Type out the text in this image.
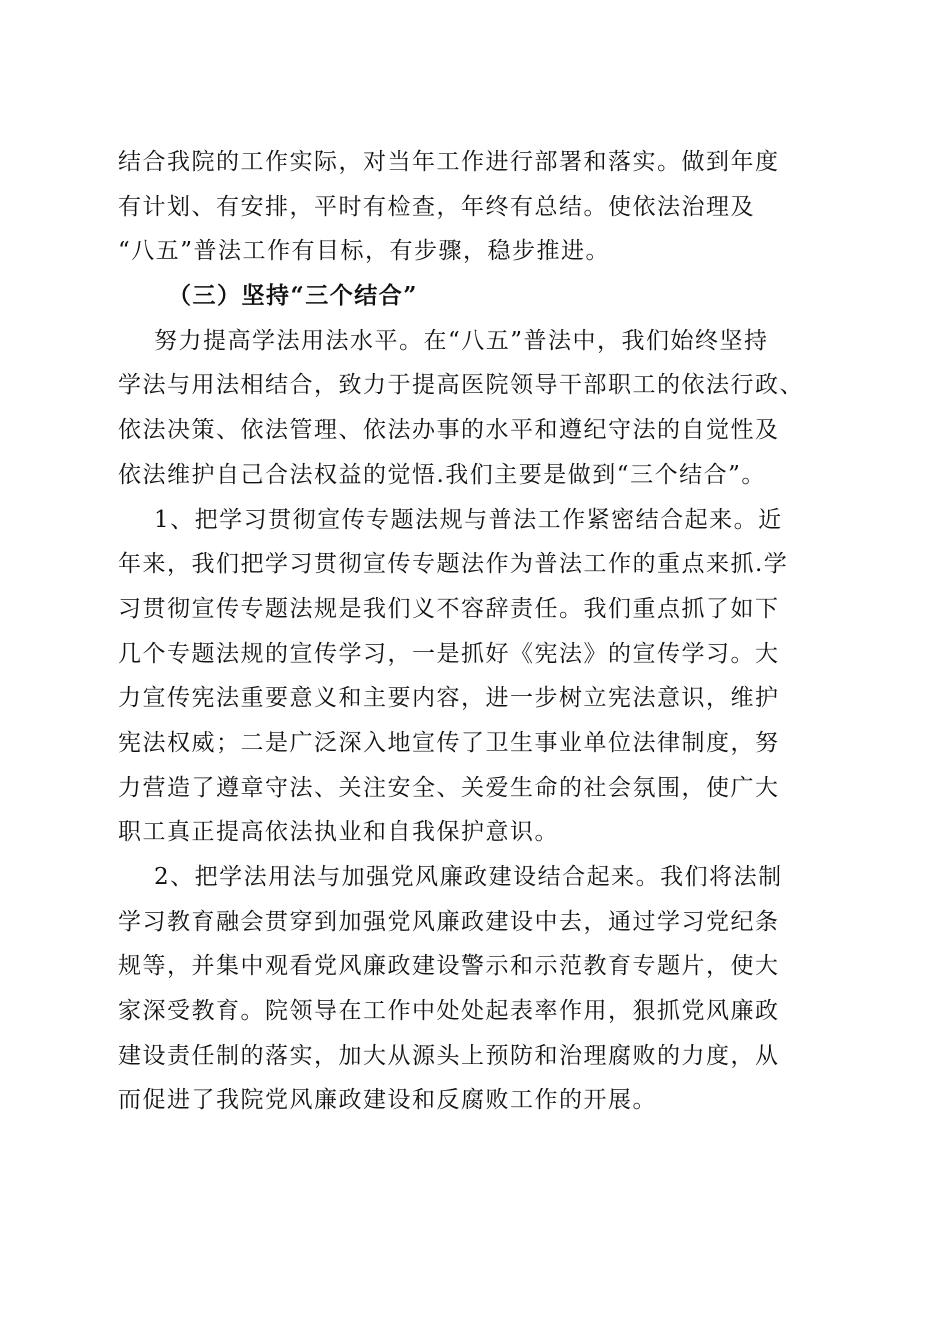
结合我院的工作实际，对当年工作进行部署和落实。做到年度
有计划、有安排，平时有检查，年终有总结。使依法治理及
“八五”普法工作有目标，有步骤，稳步推进。
（三）坚持“三个结合”
努力提高学法用法水平。在“八五”普法中，我们始终坚持
学法与用法相结合，致力于提高医院领导干部职工的依法行政、
依法决策、依法管理、依法办事的水平和遵纪守法的自觉性及
依法维护自己合法权益的觉悟.我们主要是做到“三个结合”。
1、把学习贯彻宣传专题法规与普法工作紧密结合起来。近
年来，我们把学习贯彻宣传专题法作为普法工作的重点来抓.学
习贯彻宣传专题法规是我们义不容辞责任。我们重点抓了如下
几个专题法规的宣传学习，一是抓好《宪法》的宣传学习。大
力宣传宪法重要意义和主要内容，进一步树立宪法意识，维护
宪法权威；二是广泛深入地宣传了卫生事业单位法律制度，努
力营造了遵章守法、关注安全、关爱生命的社会氛围，使广大
职工真正提高依法执业和自我保护意识。
2、把学法用法与加强党风廉政建设结合起来。我们将法制
学习教育融会贯穿到加强党风廉政建设中去，通过学习党纪条
规等，并集中观看党风廉政建设警示和示范教育专题片，使大
家深受教育。院领导在工作中处处起表率作用，狠抓党风廉政
建设责任制的落实，加大从源头上预防和治理腐败的力度，从
而促进了我院党风廉政建设和反腐败工作的开展。
